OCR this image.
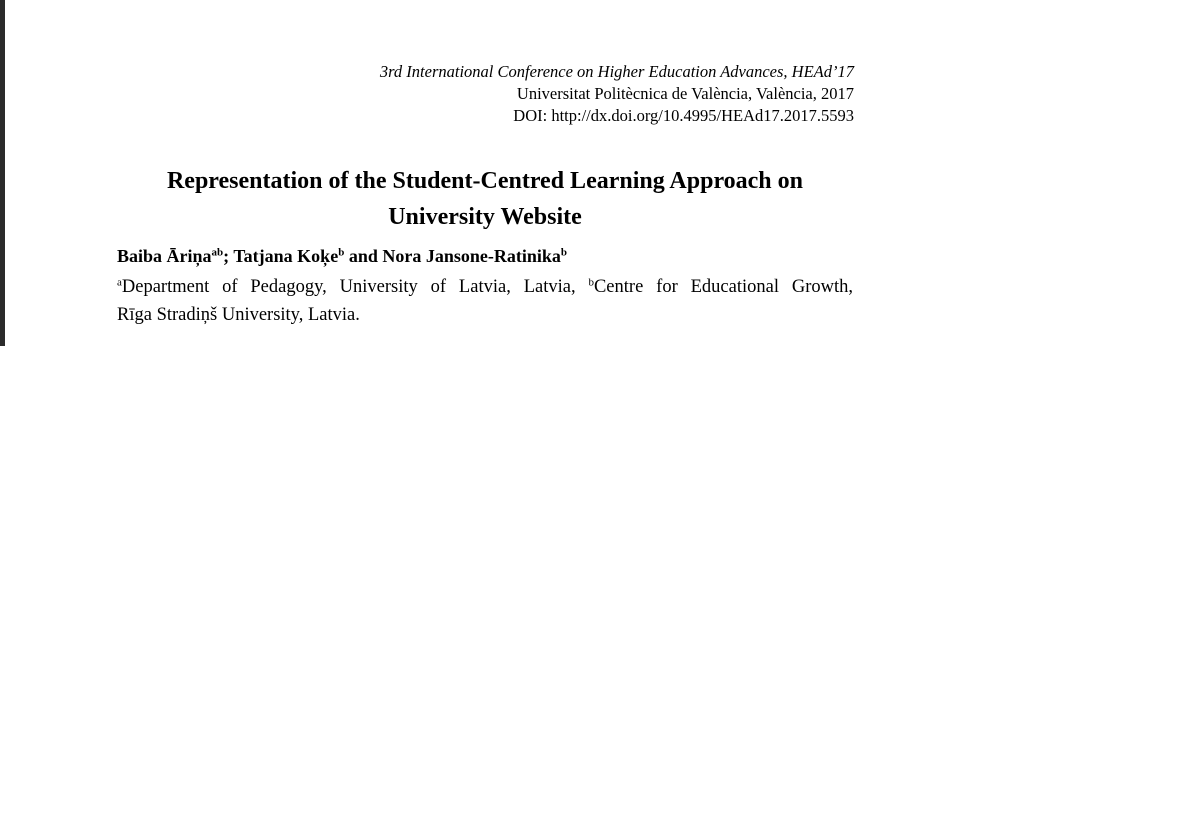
3rd International Conference on Higher Education Advances, HEAd’17
Universitat Politècnica de València, València, 2017
DOI: http://dx.doi.org/10.4995/HEAd17.2017.5593
Representation of the Student-Centred Learning Approach on
University Website
Baiba Āriņa$^{ab}$; Tatjana Koķe$^b$ and Nora Jansone-Ratinika$^b$
$^a$Department of Pedagogy, University of Latvia, Latvia, $^b$Centre for Educational Growth,
Rīga Stradiņš University, Latvia.
